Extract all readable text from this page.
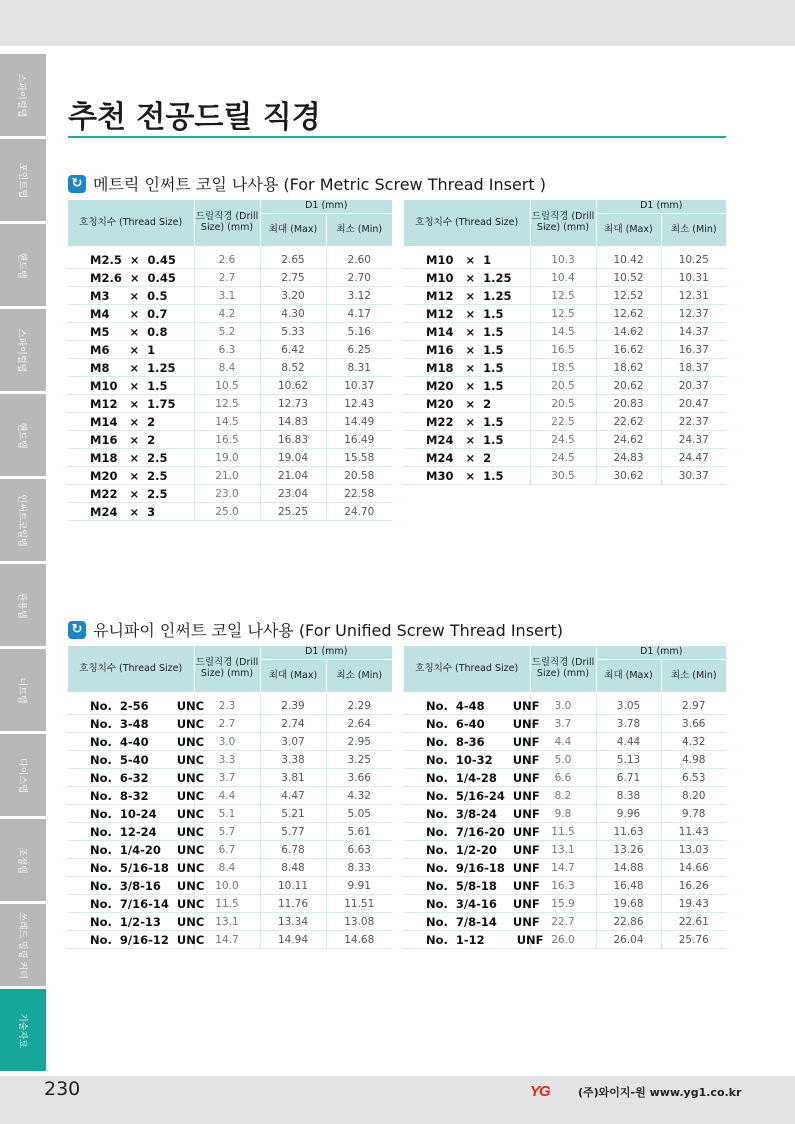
스파이럴탭
포인트탭
핸드탭
스파이럴탭
핸드탭
인써트코일탭
관용탭
너트탭
다이스탭
조정탭
쓰레드 밀링 커터
기술자료
추천 전공드릴 직경
↻ 메트릭 인써트 코일 나사용 (For Metric Screw Thread Insert )
호칭치수 (Thread Size)	드릴직경 (Drill Size) (mm)	D1 (mm)	
		최대 (Max)	최소 (Min)
M2.5  ×  0.45	2.6	2.65	2.60
M2.6  ×  0.45	2.7	2.75	2.70
M3     ×  0.5	3.1	3.20	3.12
M4     ×  0.7	4.2	4.30	4.17
M5     ×  0.8	5.2	5.33	5.16
M6     ×  1	6.3	6.42	6.25
M8     ×  1.25	8.4	8.52	8.31
M10   ×  1.5	10.5	10.62	10.37
M12   ×  1.75	12.5	12.73	12.43
M14   ×  2	14.5	14.83	14.49
M16   ×  2	16.5	16.83	16.49
M18   ×  2.5	19.0	19.04	15.58
M20   ×  2.5	21.0	21.04	20.58
M22   ×  2.5	23.0	23.04	22.58
M24   ×  3	25.0	25.25	24.70
호칭치수 (Thread Size)	드릴직경 (Drill Size) (mm)	D1 (mm)	
		최대 (Max)	최소 (Min)
M10   ×  1	10.3	10.42	10.25
M10   ×  1.25	10.4	10.52	10.31
M12   ×  1.25	12.5	12.52	12.31
M12   ×  1.5	12.5	12.62	12.37
M14   ×  1.5	14.5	14.62	14.37
M16   ×  1.5	16.5	16.62	16.37
M18   ×  1.5	18.5	18.62	18.37
M20   ×  1.5	20.5	20.62	20.37
M20   ×  2	20.5	20.83	20.47
M22   ×  1.5	22.5	22.62	22.37
M24   ×  1.5	24.5	24.62	24.37
M24   ×  2	24.5	24.83	24.47
M30   ×  1.5	30.5	30.62	30.37
↻ 유니파이 인써트 코일 나사용 (For Unified Screw Thread Insert)
호칭치수 (Thread Size)	드릴직경 (Drill Size) (mm)	D1 (mm)	
		최대 (Max)	최소 (Min)
No.  2-56       UNC	2.3	2.39	2.29
No.  3-48       UNC	2.7	2.74	2.64
No.  4-40       UNC	3.0	3.07	2.95
No.  5-40       UNC	3.3	3.38	3.25
No.  6-32       UNC	3.7	3.81	3.66
No.  8-32       UNC	4.4	4.47	4.32
No.  10-24     UNC	5.1	5.21	5.05
No.  12-24     UNC	5.7	5.77	5.61
No.  1/4-20    UNC	6.7	6.78	6.63
No.  5/16-18  UNC	8.4	8.48	8.33
No.  3/8-16    UNC	10.0	10.11	9.91
No.  7/16-14  UNC	11.5	11.76	11.51
No.  1/2-13    UNC	13.1	13.34	13.08
No.  9/16-12  UNC	14.7	14.94	14.68
호칭치수 (Thread Size)	드릴직경 (Drill Size) (mm)	D1 (mm)	
		최대 (Max)	최소 (Min)
No.  4-48       UNF	3.0	3.05	2.97
No.  6-40       UNF	3.7	3.78	3.66
No.  8-36       UNF	4.4	4.44	4.32
No.  10-32     UNF	5.0	5.13	4.98
No.  1/4-28    UNF	6.6	6.71	6.53
No.  5/16-24  UNF	8.2	8.38	8.20
No.  3/8-24    UNF	9.8	9.96	9.78
No.  7/16-20  UNF	11.5	11.63	11.43
No.  1/2-20    UNF	13.1	13.26	13.03
No.  9/16-18  UNF	14.7	14.88	14.66
No.  5/8-18    UNF	16.3	16.48	16.26
No.  3/4-16    UNF	15.9	19.68	19.43
No.  7/8-14    UNF	22.7	22.86	22.61
No.  1-12        UNF	26.0	26.04	25.76
230	YG	(주)와이지-원 www.yg1.co.kr
